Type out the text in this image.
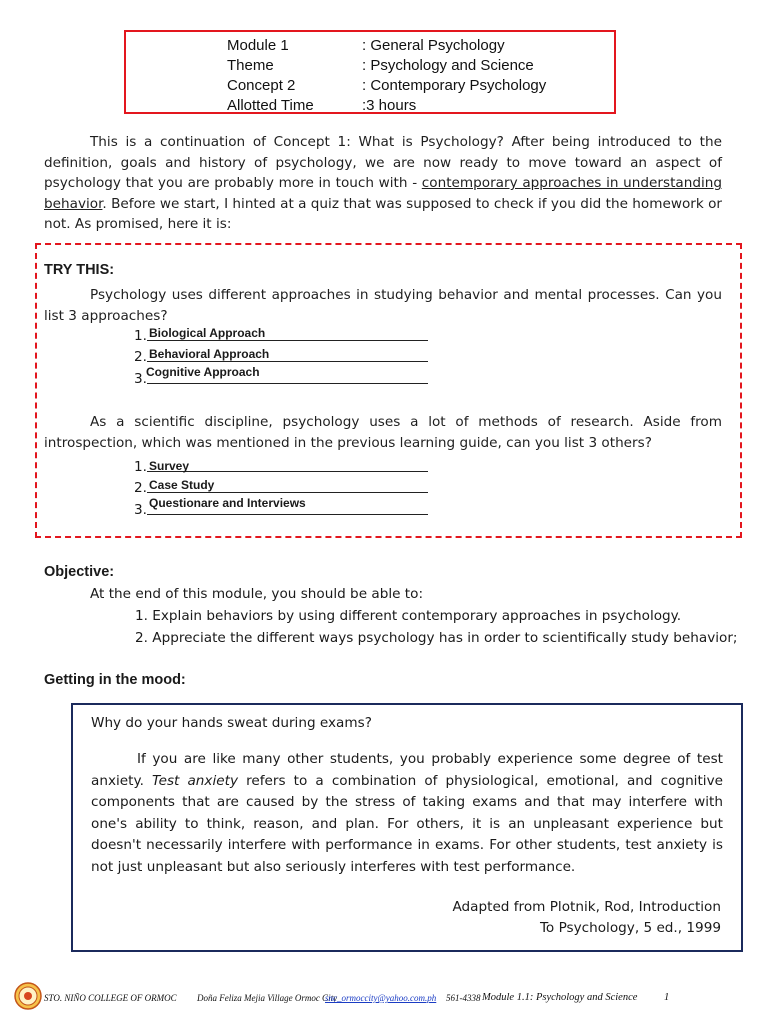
Module 1	: General Psychology
Theme	: Psychology and Science
Concept 2	: Contemporary Psychology
Allotted Time	:3 hours
This is a continuation of Concept 1: What is Psychology? After being introduced to the definition, goals and history of psychology, we are now ready to move toward an aspect of psychology that you are probably more in touch with - contemporary approaches in understanding behavior. Before we start, I hinted at a quiz that was supposed to check if you did the homework or not. As promised, here it is:
TRY THIS:
Psychology uses different approaches in studying behavior and mental processes. Can you list 3 approaches?
1. Biological Approach
2. Behavioral Approach
3. Cognitive Approach
As a scientific discipline, psychology uses a lot of methods of research. Aside from introspection, which was mentioned in the previous learning guide, can you list 3 others?
1. Survey
2. Case Study
3. Questionare and Interviews
Objective:
At the end of this module, you should be able to:
1. Explain behaviors by using different contemporary approaches in psychology.
2. Appreciate the different ways psychology has in order to scientifically study behavior;
Getting in the mood:
Why do your hands sweat during exams?
If you are like many other students, you probably experience some degree of test anxiety. Test anxiety refers to a combination of physiological, emotional, and cognitive components that are caused by the stress of taking exams and that may interfere with one's ability to think, reason, and plan. For others, it is an unpleasant experience but doesn't necessarily interfere with performance in exams. For other students, test anxiety is not just unpleasant but also seriously interferes with test performance.
Adapted from Plotnik, Rod, Introduction
To Psychology, 5 ed., 1999
STO. NIÑO COLLEGE OF ORMOC Doña Feliza Mejia Village Ormoc City
snc_ormoccity@yahoo.com.ph 561-4338 Module 1.1: Psychology and Science	1
